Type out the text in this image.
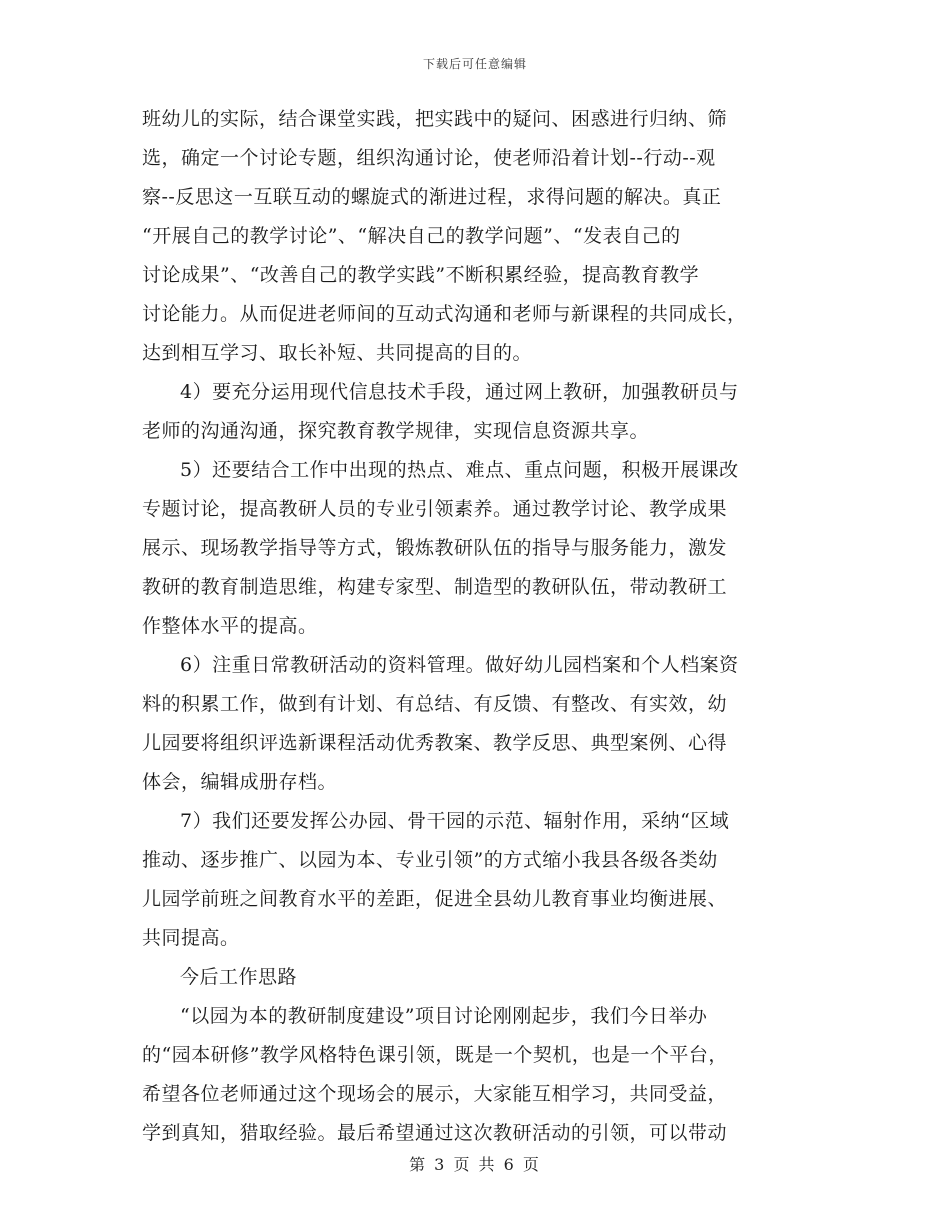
下载后可任意编辑
班幼儿的实际，结合课堂实践，把实践中的疑问、困惑进行归纳、筛
选，确定一个讨论专题，组织沟通讨论，使老师沿着计划--行动--观
察--反思这一互联互动的螺旋式的渐进过程，求得问题的解决。真正
“开展自己的教学讨论”、“解决自己的教学问题”、“发表自己的
讨论成果”、“改善自己的教学实践”不断积累经验，提高教育教学
讨论能力。从而促进老师间的互动式沟通和老师与新课程的共同成长，
达到相互学习、取长补短、共同提高的目的。
4）要充分运用现代信息技术手段，通过网上教研，加强教研员与
老师的沟通沟通，探究教育教学规律，实现信息资源共享。
5）还要结合工作中出现的热点、难点、重点问题，积极开展课改
专题讨论，提高教研人员的专业引领素养。通过教学讨论、教学成果
展示、现场教学指导等方式，锻炼教研队伍的指导与服务能力，激发
教研的教育制造思维，构建专家型、制造型的教研队伍，带动教研工
作整体水平的提高。
6）注重日常教研活动的资料管理。做好幼儿园档案和个人档案资
料的积累工作，做到有计划、有总结、有反馈、有整改、有实效，幼
儿园要将组织评选新课程活动优秀教案、教学反思、典型案例、心得
体会，编辑成册存档。
7）我们还要发挥公办园、骨干园的示范、辐射作用，采纳“区域
推动、逐步推广、以园为本、专业引领”的方式缩小我县各级各类幼
儿园学前班之间教育水平的差距，促进全县幼儿教育事业均衡进展、
共同提高。
今后工作思路
“以园为本的教研制度建设”项目讨论刚刚起步，我们今日举办
的“园本研修”教学风格特色课引领，既是一个契机，也是一个平台，
希望各位老师通过这个现场会的展示，大家能互相学习，共同受益，
学到真知，猎取经验。最后希望通过这次教研活动的引领，可以带动
第 3 页 共 6 页
